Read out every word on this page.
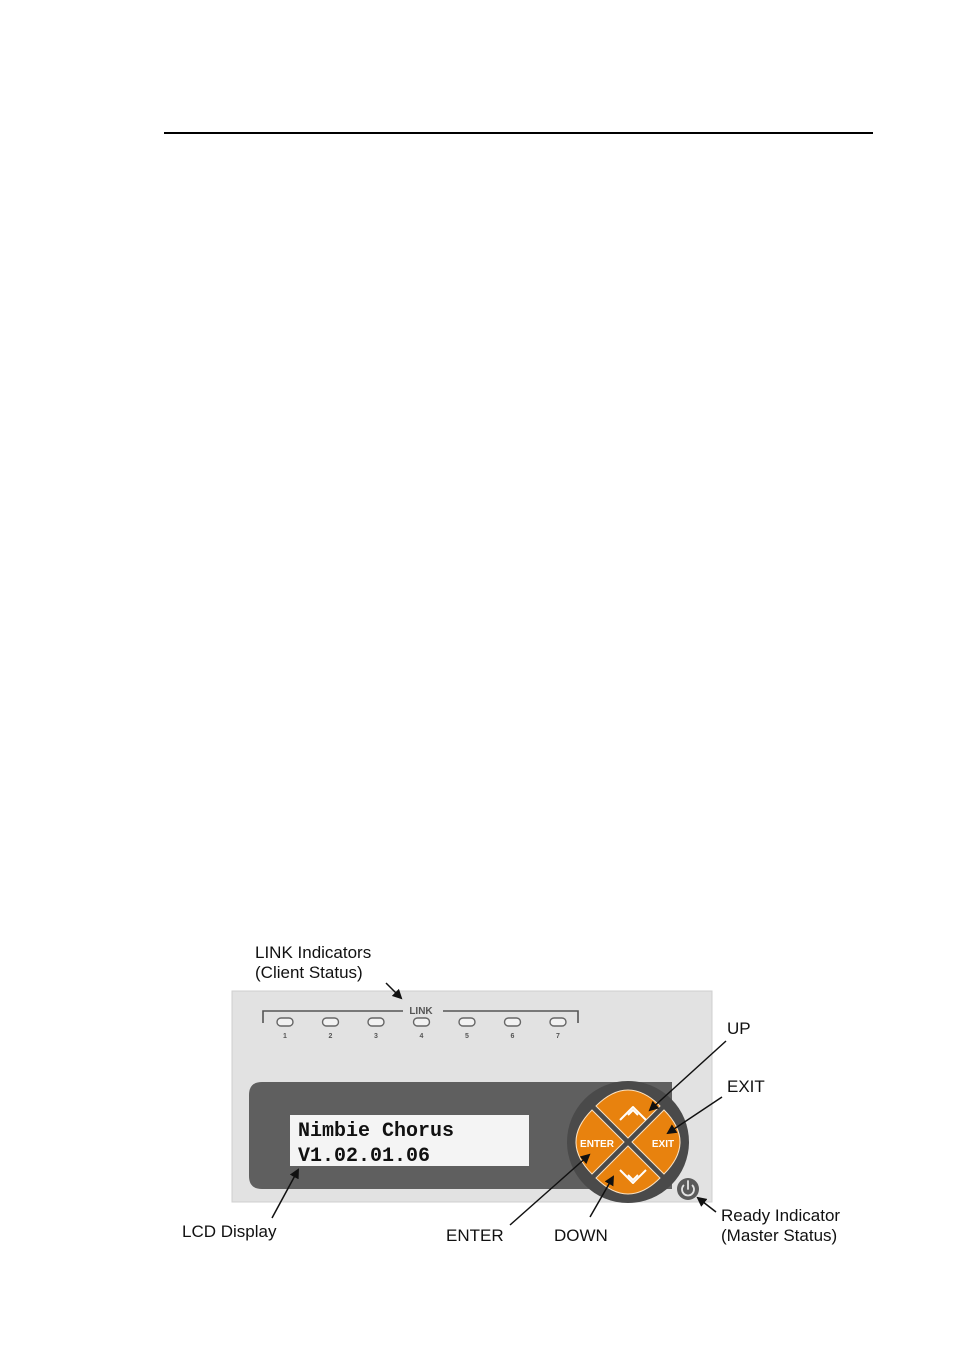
LINK
1	2	3	4	5	6	7
Nimbie Chorus
V1.02.01.06
ENTER	EXIT
LINK Indicators
(Client Status)
UP
EXIT
LCD Display	ENTER	DOWN
Ready Indicator
(Master Status)
